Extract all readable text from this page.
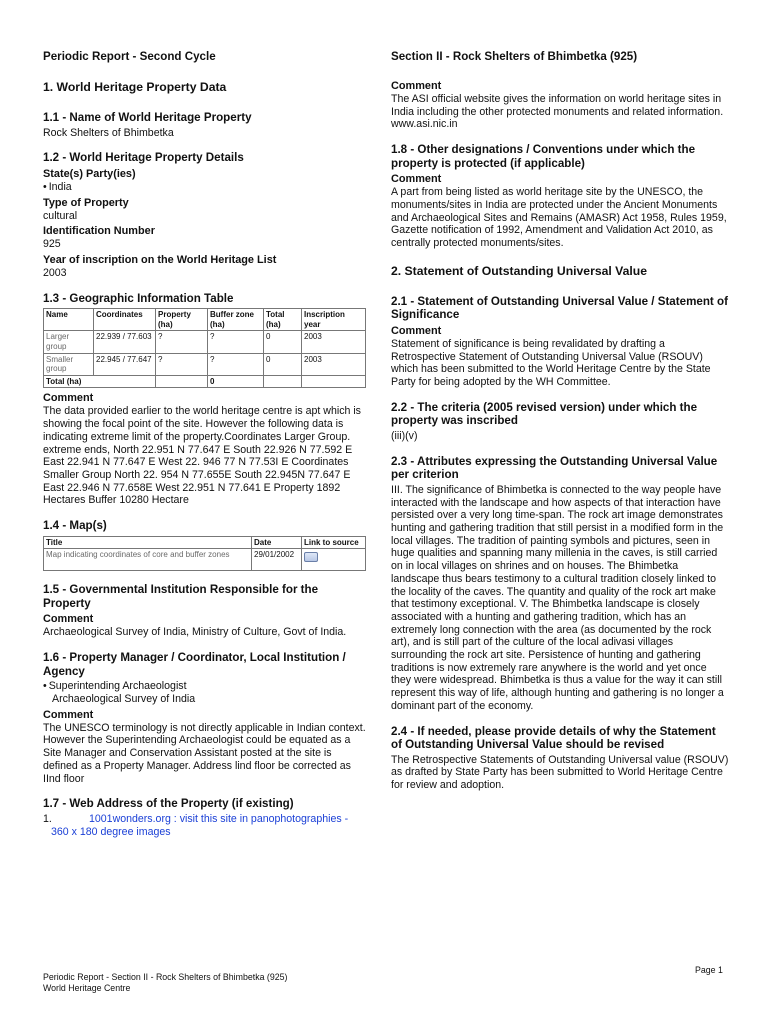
Periodic Report - Second Cycle
1. World Heritage Property Data
1.1 - Name of World Heritage Property
Rock Shelters of Bhimbetka
1.2 - World Heritage Property Details
State(s) Party(ies)
• India
Type of Property
cultural
Identification Number
925
Year of inscription on the World Heritage List
2003
1.3 - Geographic Information Table
Name	Coordinates	Property (ha)	Buffer zone (ha)	Total (ha)	Inscription year
Larger group	22.939 / 77.603	?	?	0	2003
Smaller group	22.945 / 77.647	?	?	0	2003
Total (ha)			0		
Comment
The data provided earlier to the world heritage centre is apt which is showing the focal point of the site. However the following data is indicating extreme limit of the property.Coordinates Larger Group. extreme ends, North 22.951 N 77.647 E South 22.926 N 77.592 E East 22.941 N 77.647 E West 22. 946 77 N 77.53I E Coordinates Smaller Group North 22. 954 N 77.655E South 22.945N 77.647 E East 22.946 N 77.658E West 22.951 N 77.641 E Property 1892 Hectares Buffer 10280 Hectare
1.4 - Map(s)
Title	Date	Link to source
Map indicating coordinates of core and buffer zones	29/01/2002	
1.5 - Governmental Institution Responsible for the Property
Comment
Archaeological Survey of India, Ministry of Culture, Govt of India.
1.6 - Property Manager / Coordinator, Local Institution / Agency
• Superintending Archaeologist
Archaeological Survey of India
Comment
The UNESCO terminology is not directly applicable in Indian context. However the Superintending Archaeologist could be equated as a Site Manager and Conservation Assistant posted at the site is defined as a Property Manager. Address lind floor be corrected as IInd floor
1.7 - Web Address of the Property (if existing)
1.	1001wonders.org : visit this site in panophotographies - 360 x 180 degree images
Section II - Rock Shelters of Bhimbetka (925)
Comment
The ASI official website gives the information on world heritage sites in India including the other protected monuments and related information. www.asi.nic.in
1.8 - Other designations / Conventions under which the property is protected (if applicable)
Comment
A part from being listed as world heritage site by the UNESCO, the monuments/sites in India are protected under the Ancient Monuments and Archaeological Sites and Remains (AMASR) Act 1958, Rules 1959, Gazette notification of 1992, Amendment and Validation Act 2010, as centrally protected monuments/sites.
2. Statement of Outstanding Universal Value
2.1 - Statement of Outstanding Universal Value / Statement of Significance
Comment
Statement of significance is being revalidated by drafting a Retrospective Statement of Outstanding Universal Value (RSOUV) which has been submitted to the World Heritage Centre by the State Party for being adopted by the WH Committee.
2.2 - The criteria (2005 revised version) under which the property was inscribed
(iii)(v)
2.3 - Attributes expressing the Outstanding Universal Value per criterion
III. The significance of Bhimbetka is connected to the way people have interacted with the landscape and how aspects of that interaction have persisted over a very long time-span. The rock art image demonstrates hunting and gathering tradition that still persist in a modified form in the local villages. The tradition of painting symbols and pictures, seen in huge qualities and spanning many millenia in the caves, is still carried on in local villages on shrines and on houses. The Bhimbetka landscape thus bears testimony to a cultural tradition closely linked to the locality of the caves. The quantity and quality of the rock art make that testimony exceptional. V. The Bhimbetka landscape is closely associated with a hunting and gathering tradition, which has an extremely long connection with the area (as documented by the rock art), and is still part of the culture of the local adivasi villages surrounding the rock art site. Persistence of hunting and gathering traditions is now extremely rare anywhere is the world and yet once they were widespread. Bhimbetka is thus a value for the way it can still represent this way of life, although hunting and gathering is no longer a dominant part of the economy.
2.4 - If needed, please provide details of why the Statement of Outstanding Universal Value should be revised
The Retrospective Statements of Outstanding Universal value (RSOUV) as drafted by State Party has been submitted to World Heritage Centre for review and adoption.
Page 1
Periodic Report - Section II - Rock Shelters of Bhimbetka (925)
World Heritage Centre
